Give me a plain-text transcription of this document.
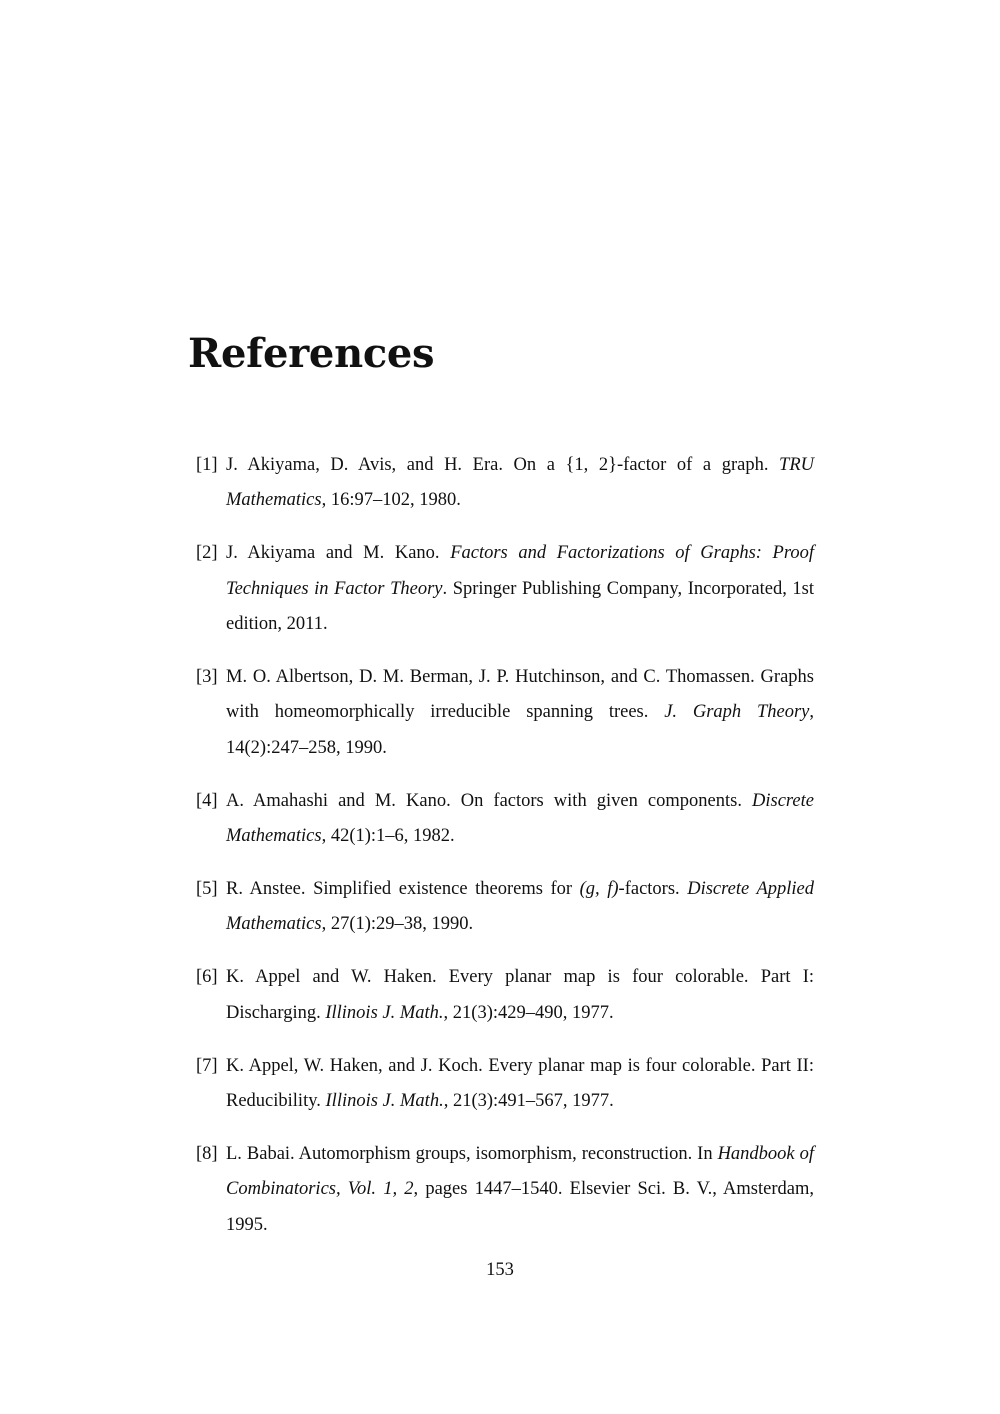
References
[1] J. Akiyama, D. Avis, and H. Era. On a {1, 2}-factor of a graph. TRU Mathematics, 16:97–102, 1980.
[2] J. Akiyama and M. Kano. Factors and Factorizations of Graphs: Proof Techniques in Factor Theory. Springer Publishing Company, Incorporated, 1st edition, 2011.
[3] M. O. Albertson, D. M. Berman, J. P. Hutchinson, and C. Thomassen. Graphs with homeomorphically irreducible spanning trees. J. Graph Theory, 14(2):247–258, 1990.
[4] A. Amahashi and M. Kano. On factors with given components. Discrete Mathematics, 42(1):1–6, 1982.
[5] R. Anstee. Simplified existence theorems for (g, f)-factors. Discrete Applied Mathematics, 27(1):29–38, 1990.
[6] K. Appel and W. Haken. Every planar map is four colorable. Part I: Discharging. Illinois J. Math., 21(3):429–490, 1977.
[7] K. Appel, W. Haken, and J. Koch. Every planar map is four colorable. Part II: Reducibility. Illinois J. Math., 21(3):491–567, 1977.
[8] L. Babai. Automorphism groups, isomorphism, reconstruction. In Handbook of Combinatorics, Vol. 1, 2, pages 1447–1540. Elsevier Sci. B. V., Amsterdam, 1995.
153
